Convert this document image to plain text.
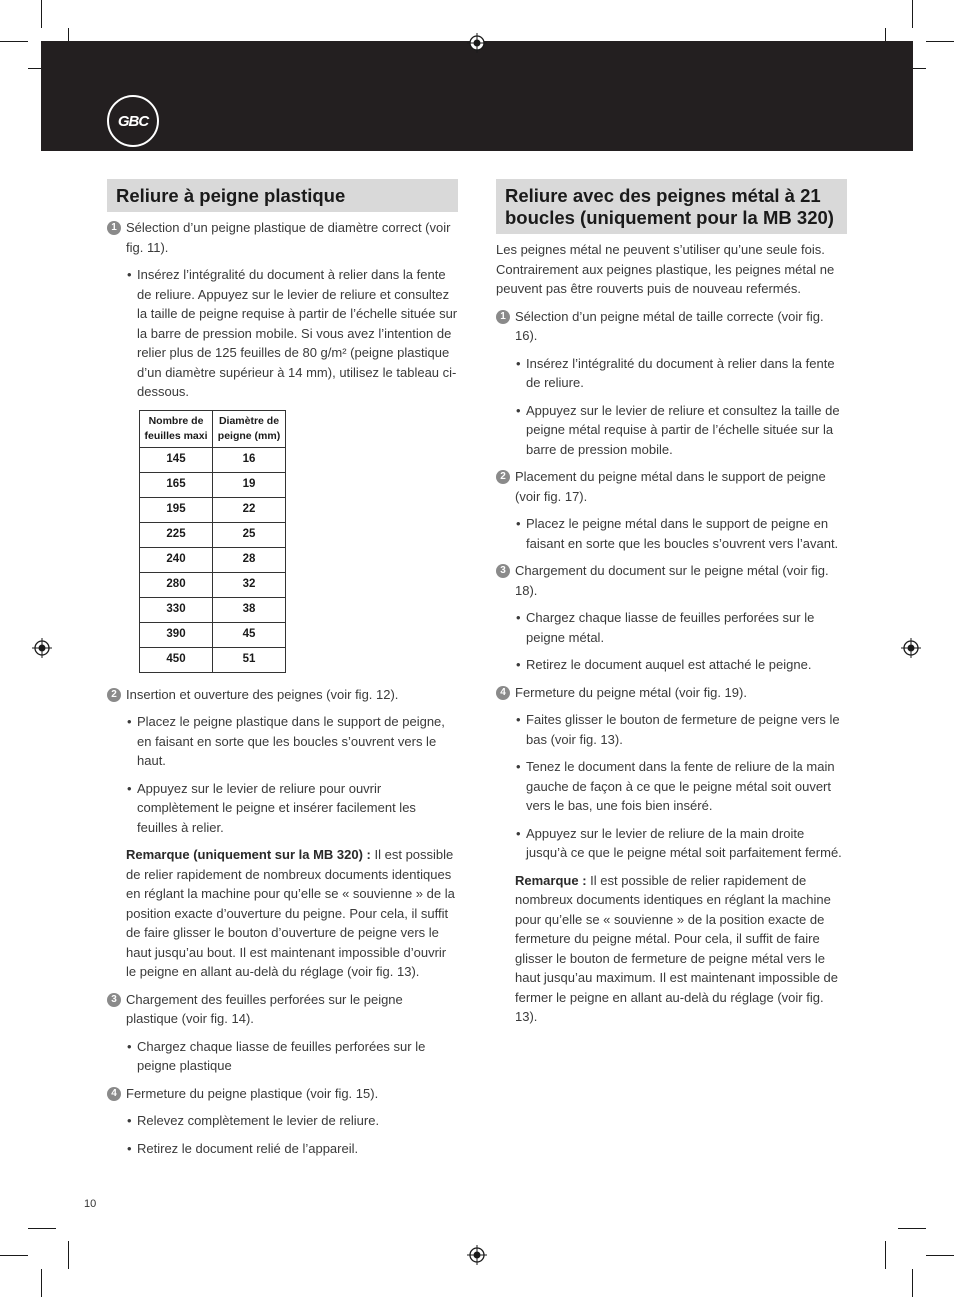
GBC
Reliure à peigne plastique
1 Sélection d’un peigne plastique de diamètre correct (voir fig. 11).
• Insérez l’intégralité du document à relier dans la fente de reliure. Appuyez sur le levier de reliure et consultez la taille de peigne requise à partir de l’échelle située sur la barre de pression mobile. Si vous avez l’intention de relier plus de 125 feuilles de 80 g/m² (peigne plastique d’un diamètre supérieur à 14 mm), utilisez le tableau ci-dessous.
Nombre de feuilles maxi	Diamètre de peigne (mm)
145	16
165	19
195	22
225	25
240	28
280	32
330	38
390	45
450	51
2 Insertion et ouverture des peignes (voir fig. 12).
• Placez le peigne plastique dans le support de peigne, en faisant en sorte que les boucles s’ouvrent vers le haut.
• Appuyez sur le levier de reliure pour ouvrir complètement le peigne et insérer facilement les feuilles à relier.
Remarque (uniquement sur la MB 320) : Il est possible de relier rapidement de nombreux documents identiques en réglant la machine pour qu’elle se « souvienne » de la position exacte d’ouverture du peigne. Pour cela, il suffit de faire glisser le bouton d’ouverture de peigne vers le haut jusqu’au bout. Il est maintenant impossible d’ouvrir le peigne en allant au-delà du réglage (voir fig. 13).
3 Chargement des feuilles perforées sur le peigne plastique (voir fig. 14).
• Chargez chaque liasse de feuilles perforées sur le peigne plastique
4 Fermeture du peigne plastique (voir fig. 15).
• Relevez complètement le levier de reliure.
• Retirez le document relié de l’appareil.
Reliure avec des peignes métal à 21 boucles (uniquement pour la MB 320)
Les peignes métal ne peuvent s’utiliser qu’une seule fois. Contrairement aux peignes plastique, les peignes métal ne peuvent pas être rouverts puis de nouveau refermés.
1 Sélection d’un peigne métal de taille correcte (voir fig. 16).
• Insérez l’intégralité du document à relier dans la fente de reliure.
• Appuyez sur le levier de reliure et consultez la taille de peigne métal requise à partir de l’échelle située sur la barre de pression mobile.
2 Placement du peigne métal dans le support de peigne (voir fig. 17).
• Placez le peigne métal dans le support de peigne en faisant en sorte que les boucles s’ouvrent vers l’avant.
3 Chargement du document sur le peigne métal (voir fig. 18).
• Chargez chaque liasse de feuilles perforées sur le peigne métal.
• Retirez le document auquel est attaché le peigne.
4 Fermeture du peigne métal (voir fig. 19).
• Faites glisser le bouton de fermeture de peigne vers le bas (voir fig. 13).
• Tenez le document dans la fente de reliure de la main gauche de façon à ce que le peigne métal soit ouvert vers le bas, une fois bien inséré.
• Appuyez sur le levier de reliure de la main droite jusqu’à ce que le peigne métal soit parfaitement fermé.
Remarque : Il est possible de relier rapidement de nombreux documents identiques en réglant la machine pour qu’elle se « souvienne » de la position exacte de fermeture du peigne métal. Pour cela, il suffit de faire glisser le bouton de fermeture de peigne métal vers le haut jusqu’au maximum. Il est maintenant impossible de fermer le peigne en allant au-delà du réglage (voir fig. 13).
10
